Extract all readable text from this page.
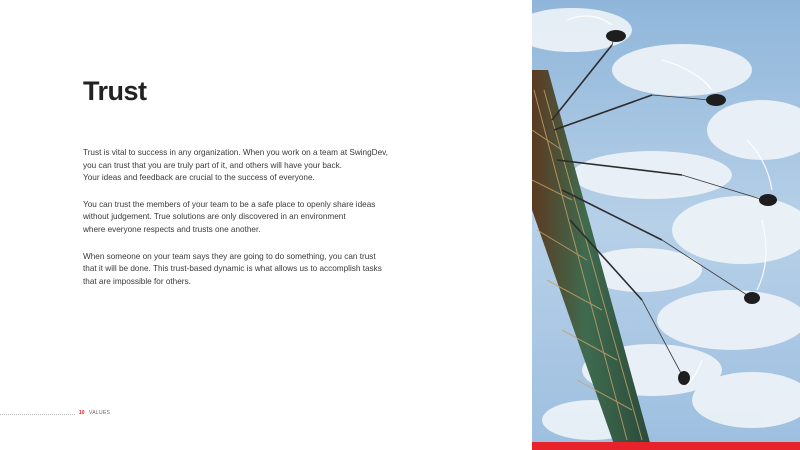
Trust

Trust is vital to success in any organization. When you work on a team at SwingDev,
you can trust that you are truly part of it, and others will have your back.
Your ideas and feedback are crucial to the success of everyone.

You can trust the members of your team to be a safe place to openly share ideas
without judgement. True solutions are only discovered in an environment
where everyone respects and trusts one another.

When someone on your team says they are going to do something, you can trust
that it will be done. This trust-based dynamic is what allows us to accomplish tasks
that are impossible for others.

10 VALUES
